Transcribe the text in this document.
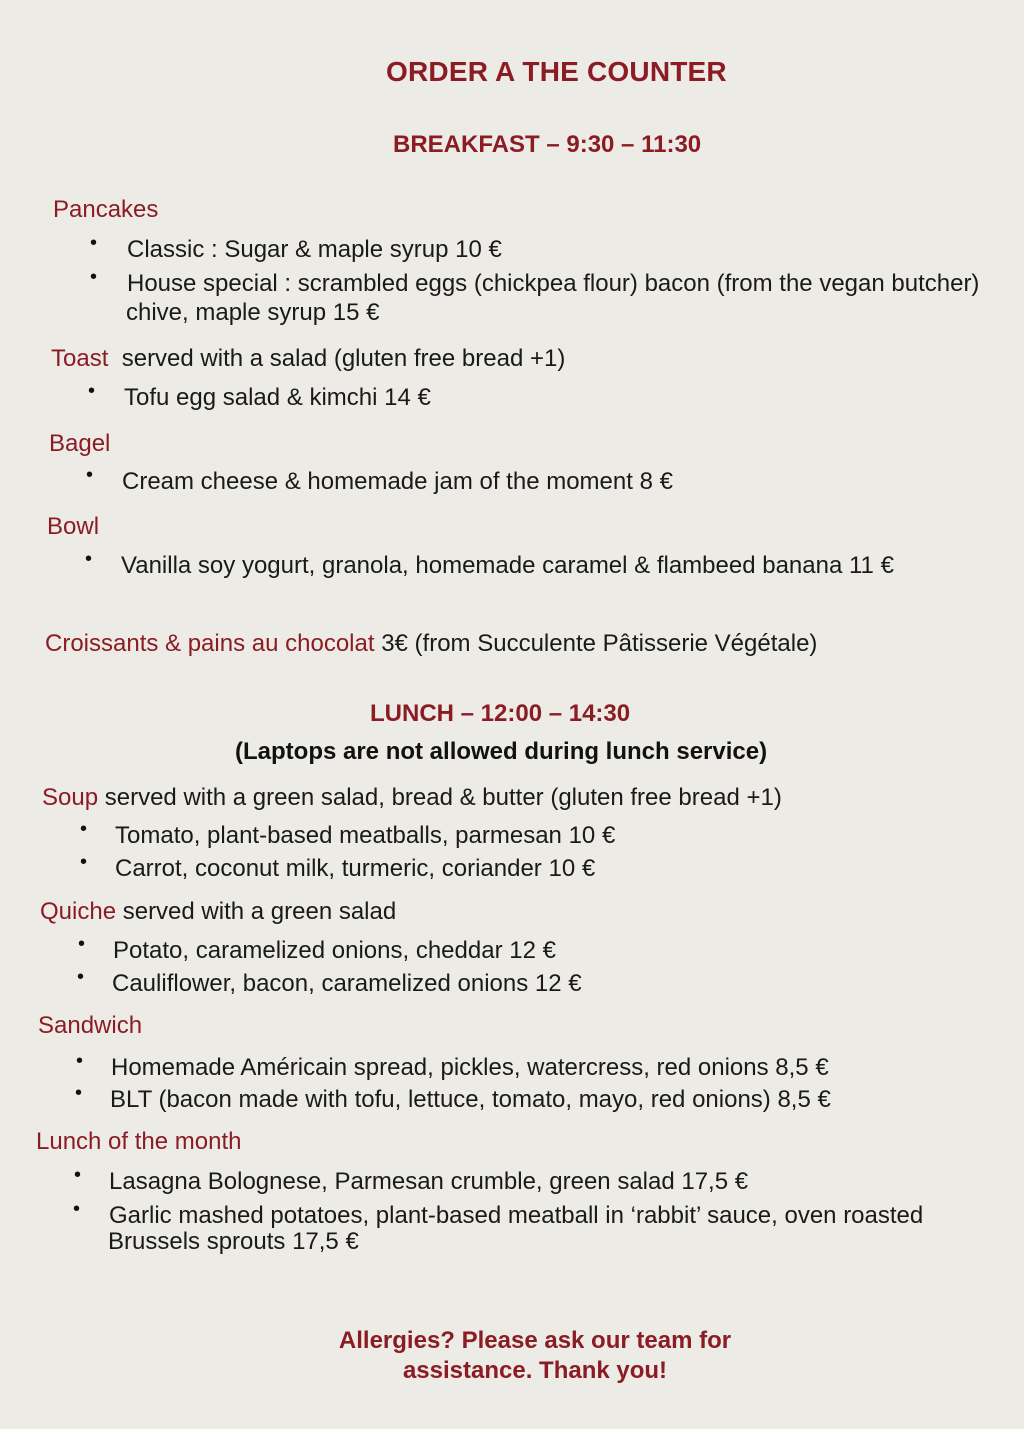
ORDER A THE COUNTER
BREAKFAST – 9:30 – 11:30
Pancakes
• Classic : Sugar & maple syrup 10 €
• House special : scrambled eggs (chickpea flour) bacon (from the vegan butcher)
chive, maple syrup 15 €
Toast served with a salad (gluten free bread +1)
• Tofu egg salad & kimchi 14 €
Bagel
• Cream cheese & homemade jam of the moment 8 €
Bowl
• Vanilla soy yogurt, granola, homemade caramel & flambeed banana 11 €
Croissants & pains au chocolat 3€ (from Succulente Pâtisserie Végétale)
LUNCH – 12:00 – 14:30
(Laptops are not allowed during lunch service)
Soup served with a green salad, bread & butter (gluten free bread +1)
• Tomato, plant-based meatballs, parmesan 10 €
• Carrot, coconut milk, turmeric, coriander 10 €
Quiche served with a green salad
• Potato, caramelized onions, cheddar 12 €
• Cauliflower, bacon, caramelized onions 12 €
Sandwich
• Homemade Américain spread, pickles, watercress, red onions 8,5 €
• BLT (bacon made with tofu, lettuce, tomato, mayo, red onions) 8,5 €
Lunch of the month
• Lasagna Bolognese, Parmesan crumble, green salad 17,5 €
• Garlic mashed potatoes, plant-based meatball in ‘rabbit’ sauce, oven roasted
Brussels sprouts 17,5 €
Allergies? Please ask our team for
assistance. Thank you!
